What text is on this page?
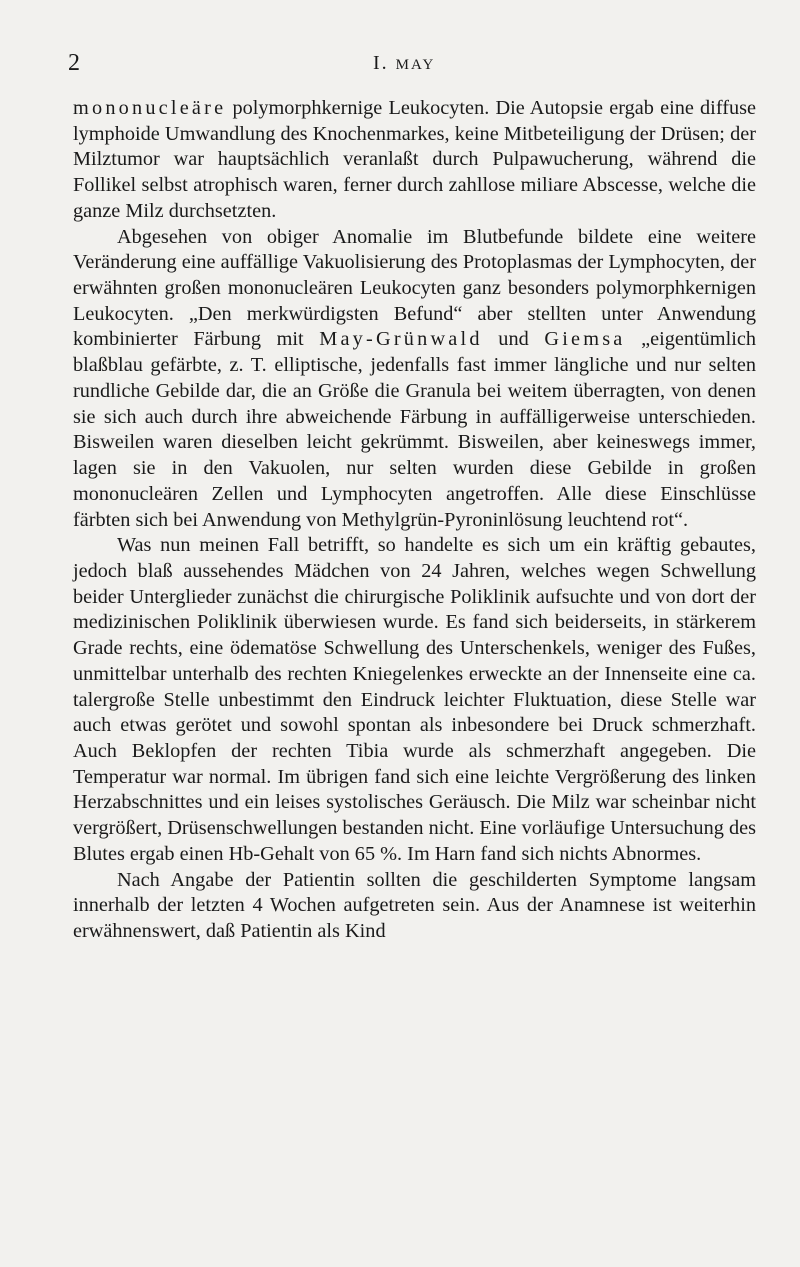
2	I. MAY

mononucleäre polymorphkernige Leukocyten. Die Autopsie ergab eine diffuse lymphoide Umwandlung des Knochenmarkes, keine Mitbeteiligung der Drüsen; der Milztumor war hauptsächlich veranlaßt durch Pulpawucherung, während die Follikel selbst atrophisch waren, ferner durch zahllose miliare Abscesse, welche die ganze Milz durchsetzten.

Abgesehen von obiger Anomalie im Blutbefunde bildete eine weitere Veränderung eine auffällige Vakuolisierung des Protoplasmas der Lymphocyten, der erwähnten großen mononucleären Leukocyten ganz besonders polymorphkernigen Leukocyten. „Den merkwürdigsten Befund“ aber stellten unter Anwendung kombinierter Färbung mit May-Grünwald und Giemsa „eigentümlich blaßblau gefärbte, z. T. elliptische, jedenfalls fast immer längliche und nur selten rundliche Gebilde dar, die an Größe die Granula bei weitem überragten, von denen sie sich auch durch ihre abweichende Färbung in auffälligerweise unterschieden. Bisweilen waren dieselben leicht gekrümmt. Bisweilen, aber keineswegs immer, lagen sie in den Vakuolen, nur selten wurden diese Gebilde in großen mononucleären Zellen und Lymphocyten angetroffen. Alle diese Einschlüsse färbten sich bei Anwendung von Methylgrün-Pyroninlösung leuchtend rot“.

Was nun meinen Fall betrifft, so handelte es sich um ein kräftig gebautes, jedoch blaß aussehendes Mädchen von 24 Jahren, welches wegen Schwellung beider Unterglieder zunächst die chirurgische Poliklinik aufsuchte und von dort der medizinischen Poliklinik überwiesen wurde. Es fand sich beiderseits, in stärkerem Grade rechts, eine ödematöse Schwellung des Unterschenkels, weniger des Fußes, unmittelbar unterhalb des rechten Kniegelenkes erweckte an der Innenseite eine ca. talergroße Stelle unbestimmt den Eindruck leichter Fluktuation, diese Stelle war auch etwas gerötet und sowohl spontan als inbesondere bei Druck schmerzhaft. Auch Beklopfen der rechten Tibia wurde als schmerzhaft angegeben. Die Temperatur war normal. Im übrigen fand sich eine leichte Vergrößerung des linken Herzabschnittes und ein leises systolisches Geräusch. Die Milz war scheinbar nicht vergrößert, Drüsenschwellungen bestanden nicht. Eine vorläufige Untersuchung des Blutes ergab einen Hb-Gehalt von 65 %. Im Harn fand sich nichts Abnormes.

Nach Angabe der Patientin sollten die geschilderten Symptome langsam innerhalb der letzten 4 Wochen aufgetreten sein. Aus der Anamnese ist weiterhin erwähnenswert, daß Patientin als Kind
